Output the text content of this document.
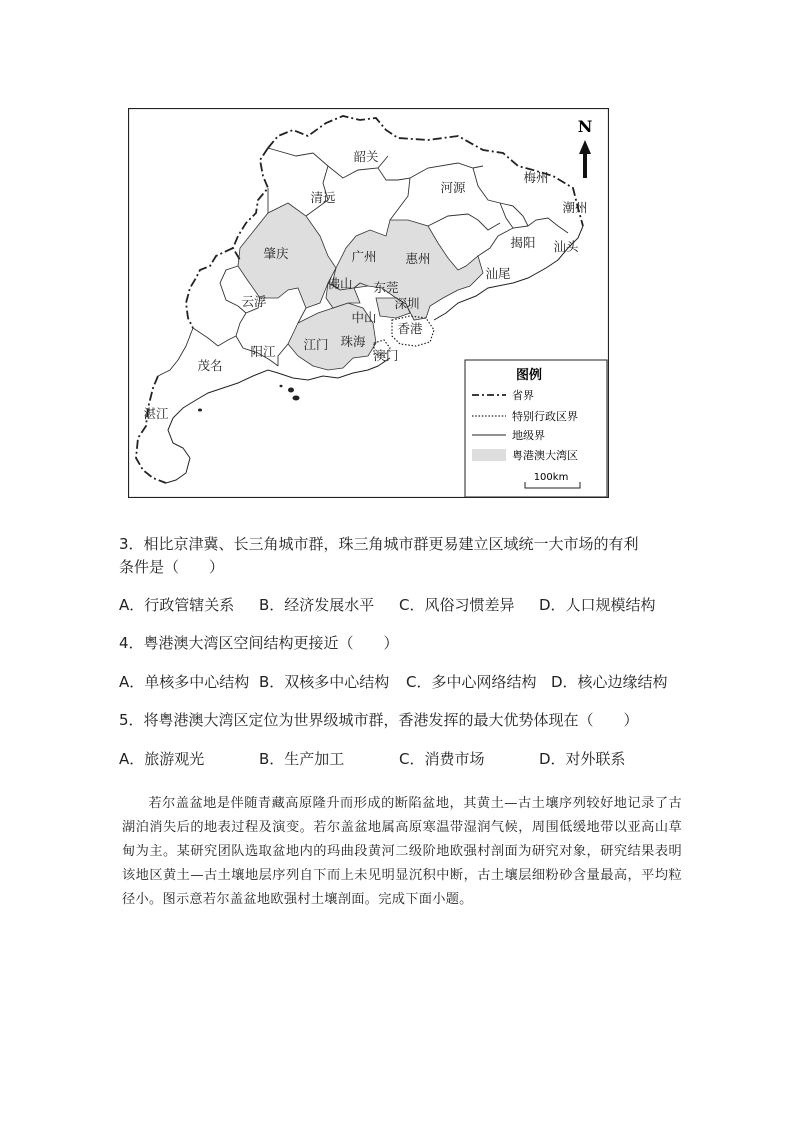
N
韶关
清远
河源
梅州
潮州
肇庆	广州 惠州
揭阳 汕头
汕尾
佛山 东莞
云浮	深圳
中山
香港
江门 珠海
澳门
阳江
茂名
湛江
图例
省界
特别行政区界
地级界
粤港澳大湾区
100km
3．相比京津冀、长三角城市群，珠三角城市群更易建立区域统一大市场的有利
条件是（　　）
A．行政管辖关系 B．经济发展水平 C．风俗习惯差异 D．人口规模结构
4．粤港澳大湾区空间结构更接近（　　）
A．单核多中心结构 B．双核多中心结构 C．多中心网络结构 D．核心边缘结构
5．将粤港澳大湾区定位为世界级城市群，香港发挥的最大优势体现在（　　）
A．旅游观光	B．生产加工	C．消费市场	D．对外联系

若尔盖盆地是伴随青藏高原隆升而形成的断陷盆地，其黄土—古土壤序列较好地记录了古湖泊消失后的地表过程及演变。若尔盖盆地属高原寒温带湿润气候，周围低缓地带以亚高山草甸为主。某研究团队选取盆地内的玛曲段黄河二级阶地欧强村剖面为研究对象，研究结果表明该地区黄土—古土壤地层序列自下而上未见明显沉积中断，古土壤层细粉砂含量最高，平均粒径小。图示意若尔盖盆地欧强村土壤剖面。完成下面小题。
